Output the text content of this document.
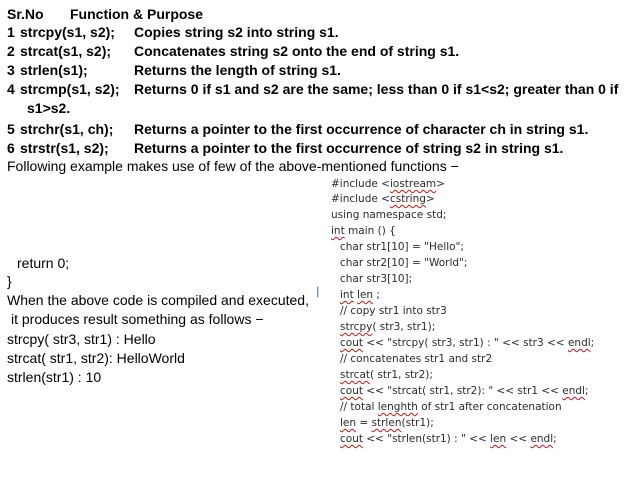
Sr.No Function & Purpose
1 strcpy(s1, s2); Copies string s2 into string s1.
2 strcat(s1, s2); Concatenates string s2 onto the end of string s1.
3 strlen(s1);	Returns the length of string s1.
4 strcmp(s1, s2); Returns 0 if s1 and s2 are the same; less than 0 if s1<s2; greater than 0 if
s1>s2.
5 strchr(s1, ch); Returns a pointer to the first occurrence of character ch in string s1.
6 strstr(s1, s2); Returns a pointer to the first occurrence of string s2 in string s1.
Following example makes use of few of the above-mentioned functions −
return 0;
}
When the above code is compiled and executed,
it produces result something as follows −
strcpy( str3, str1) : Hello
strcat( str1, str2): HelloWorld
strlen(str1) : 10
┃
#include <iostream>
#include <cstring>
using namespace std;
int main () {
char str1[10] = "Hello";
char str2[10] = "World";
char str3[10];
int len ;
// copy str1 into str3
strcpy( str3, str1);
cout << "strcpy( str3, str1) : " << str3 << endl;
// concatenates str1 and str2
strcat( str1, str2);
cout << "strcat( str1, str2): " << str1 << endl;
// total lenghth of str1 after concatenation
len = strlen(str1);
cout << "strlen(str1) : " << len << endl;
